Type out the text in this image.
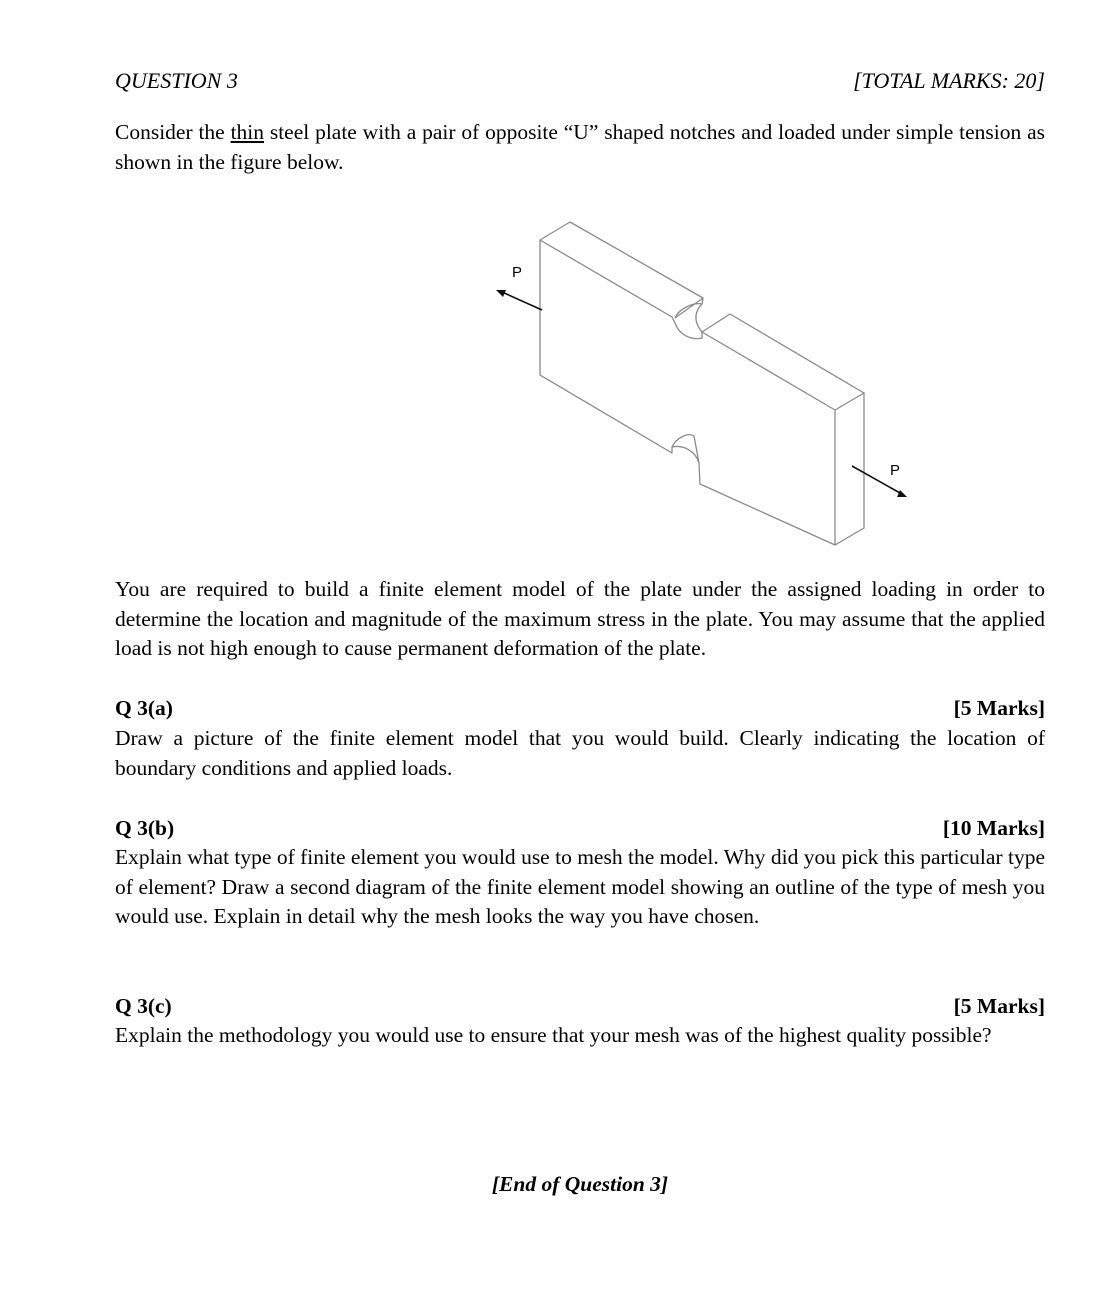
QUESTION 3	[TOTAL MARKS: 20]
Consider the thin steel plate with a pair of opposite “U” shaped notches and loaded under simple tension as shown in the figure below.
P
P
You are required to build a finite element model of the plate under the assigned loading in order to determine the location and magnitude of the maximum stress in the plate. You may assume that the applied load is not high enough to cause permanent deformation of the plate.
Q 3(a)	[5 Marks]
Draw a picture of the finite element model that you would build. Clearly indicating the location of boundary conditions and applied loads.
Q 3(b)	[10 Marks]
Explain what type of finite element you would use to mesh the model. Why did you pick this particular type of element? Draw a second diagram of the finite element model showing an outline of the type of mesh you would use. Explain in detail why the mesh looks the way you have chosen.
Q 3(c)	[5 Marks]
Explain the methodology you would use to ensure that your mesh was of the highest quality possible?
[End of Question 3]
